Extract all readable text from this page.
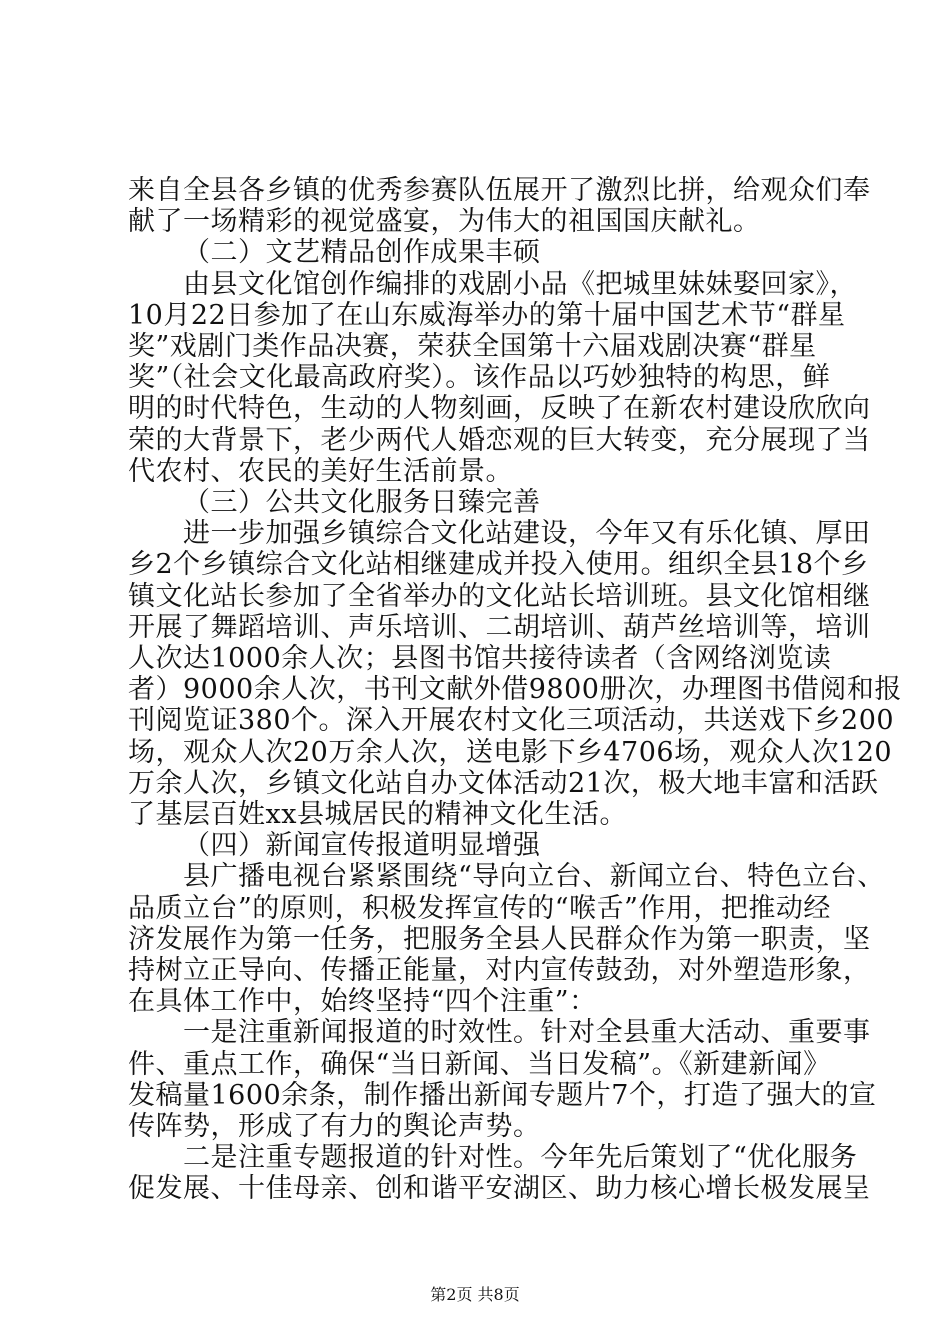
来自全县各乡镇的优秀参赛队伍展开了激烈比拼，给观众们奉
献了一场精彩的视觉盛宴，为伟大的祖国国庆献礼。
（二）文艺精品创作成果丰硕
由县文化馆创作编排的戏剧小品《把城里妹妹娶回家》，
10月22日参加了在山东威海举办的第十届中国艺术节“群星
奖”戏剧门类作品决赛，荣获全国第十六届戏剧决赛“群星
奖”（社会文化最高政府奖）。该作品以巧妙独特的构思，鲜
明的时代特色，生动的人物刻画，反映了在新农村建设欣欣向
荣的大背景下，老少两代人婚恋观的巨大转变，充分展现了当
代农村、农民的美好生活前景。
（三）公共文化服务日臻完善
进一步加强乡镇综合文化站建设，今年又有乐化镇、厚田
乡2个乡镇综合文化站相继建成并投入使用。组织全县18个乡
镇文化站长参加了全省举办的文化站长培训班。县文化馆相继
开展了舞蹈培训、声乐培训、二胡培训、葫芦丝培训等，培训
人次达1000余人次；县图书馆共接待读者（含网络浏览读
者）9000余人次，书刊文献外借9800册次，办理图书借阅和报
刊阅览证380个。深入开展农村文化三项活动，共送戏下乡200
场，观众人次20万余人次，送电影下乡4706场，观众人次120
万余人次，乡镇文化站自办文体活动21次，极大地丰富和活跃
了基层百姓xx县城居民的精神文化生活。
（四）新闻宣传报道明显增强
县广播电视台紧紧围绕“导向立台、新闻立台、特色立台、
品质立台”的原则，积极发挥宣传的“喉舌”作用，把推动经
济发展作为第一任务，把服务全县人民群众作为第一职责，坚
持树立正导向、传播正能量，对内宣传鼓劲，对外塑造形象，
在具体工作中，始终坚持“四个注重”：
一是注重新闻报道的时效性。针对全县重大活动、重要事
件、重点工作，确保“当日新闻、当日发稿”。《新建新闻》
发稿量1600余条，制作播出新闻专题片7个，打造了强大的宣
传阵势，形成了有力的舆论声势。
二是注重专题报道的针对性。今年先后策划了“优化服务
促发展、十佳母亲、创和谐平安湖区、助力核心增长极发展呈
第2页 共8页
